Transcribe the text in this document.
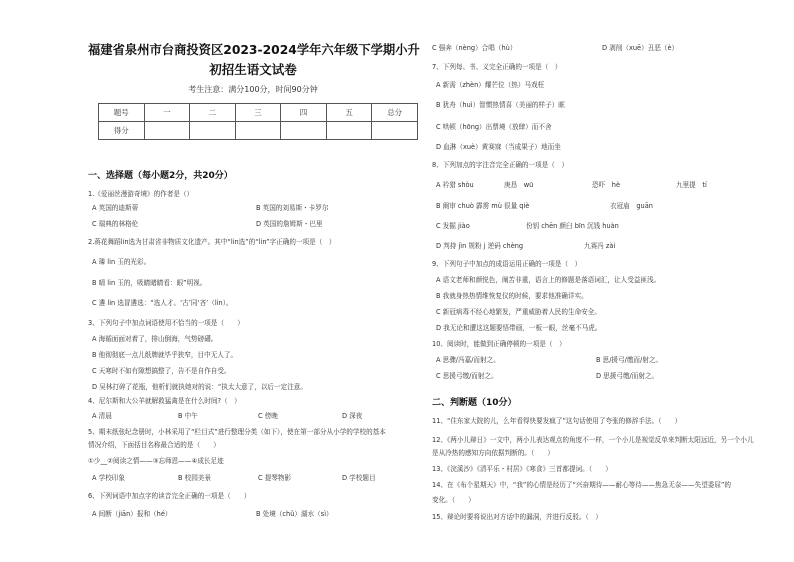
福建省泉州市台商投资区2023-2024学年六年级下学期小升
初招生语文试卷
考生注意：满分100分，时间90分钟
题号	一	二	三	四	五	总分
得分						
一、选择题（每小题2分，共20分）
1.《爱丽丝漫游奇境》的作者是（）
A 英国的迪斯蒂	B 英国的刘易斯・卡罗尔
C 瑞典的林格伦	D 英国的詹姆斯・巴里
2.蒋花舞蹈lin选为甘肃省非物质文化遗产。其中“lin选”的“lin”字正确的一项是（　）
A 璘 lin 玉的光彩。
B 晴 lin 玉的，吸睛睹睛看：眼”明视。
C 遴 lin 选冒遴选：“选人才。‘古’同‘吝’（lin）。
3、下列句子中加点词语使用不恰当的一项是（　　）
A 海循面面对着了，排山倒海，气势磅礴。
B 他彻彻底一点儿纸牌就毕乎狭窄，目中无人了。
C 天寒时不如有隙想搞整了，告不是自作自受。
D 吴林打碎了花瓶，他析们就执她对的说：“执太大意了，以后一定注意。
4、尼尔斯和大公羊就解救猛禽是在什么时间?（　）
A 清晨	B 中午	C 傍晚	D 深夜
5、期末纸张纪念册时，小林采用了“栏目式”进行整理分类（如下），使在第一部分从小学的学校的基本
情况介绍，下面括目名称最合适的是（　　）
①少__②阅读之情——③忘师恩——④成长足迹
A 学校印象	B 校园美景	C 提琴物影	D 学校题目
6、下列词语中加点字的读音完全正确的一项是（　　）
A 间断（jiān）报和（hé）	B 处境（chǔ）湖水（sì）
C 强奔（nèng）合唱（hù）	D 剥削（xuē）丑恶（è）
7、下列每、书、义完全正确的一项是（　）
A 新需（zhèn）耀芒位（热）马戏枉
B 犹舟（huì）智惯热情喜（美丽的样子）眶
C 哄顿（hōng）出票境（放肆）而不舍
D 血淋（xuè）黄赛寐（当成果子）地而坐
8、下列加点的字注音完全正确的一项是（　）
A 衿猎 shòu	庚恳　wū	恐吓　hè	九里提　tí
B 阐审 chuò 霹雳 mù 很量 qiè	衣冠庙　guān
C 发掘 jiào	份钥 chēn 颜臼 bīn 沉钱 huàn
D 判持 jìn 规粉 j 逆码 chèng	九赛冯 zài
9、下列句子中加点的成语运用正确的一项是（　）
A 语文老师和颜悦色，阐苦非重，语言上的修题是落语词汇，让人受益匪浅。
B 我就身热热情维恢复仪的时候，要求他准确详实。
C 新冠病毒不经心地繁发，严重威胁着人民的生命安全。
D 我无论和遭这这题要悟带画，一板一眼，丝毫不马虎。
10、阅读时，能做到正确停顿的一项是（　）
A 思骤/冯嘉/而射之。	B 思/援弓/缴而/射之。
C 思援弓缴/而射之。	D 思援弓缴/而射之。
二、判断题（10分）
11、“住东家大院的儿，么年看得快要发疯了”这句话使用了夸张的修辞手法。（　　）
12、《两小儿辩日》一文中，两小儿表达观点的角度不一样，一个小儿是视觉反单来判断太阳远近，另一个小儿
是从冷热的感知方向依据判断的。（　　）
13、《浣溪沙》《清平乐・村居》《寒食》三首都提词。（　　）
14、在《布个星期天》中，“我”的心情是经历了“兴奋期待——耐心等待——焦急无奈——失望委屈”的
变化。（　　）
15、辩论时要将说出对方话中的漏洞，并进行反驳。（　）
